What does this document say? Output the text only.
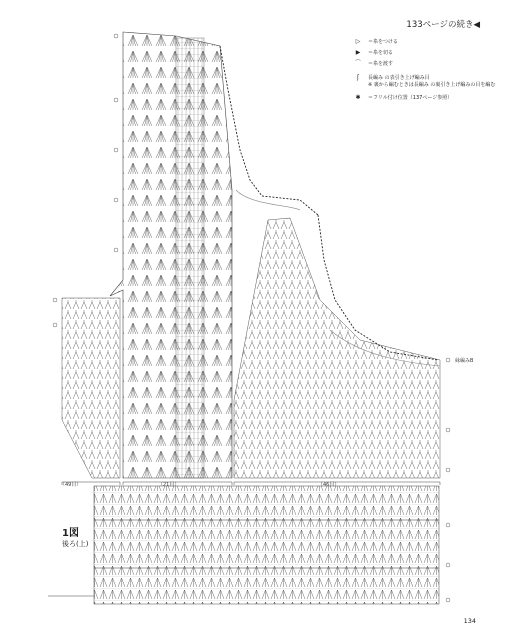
133ページの続き◀
▷	＝糸をつける
▶	＝糸を切る
⌒	＝糸を渡す
ʃ	長編み の表引き上げ編み目
※ 裏から編むときは長編み の裏引き上げ編みの目を編む
✱	＝フリル付け位置（137ページ参照）
（49目）	（21目）	（46目）
縁編みB
1図
後ろ(上)
134
